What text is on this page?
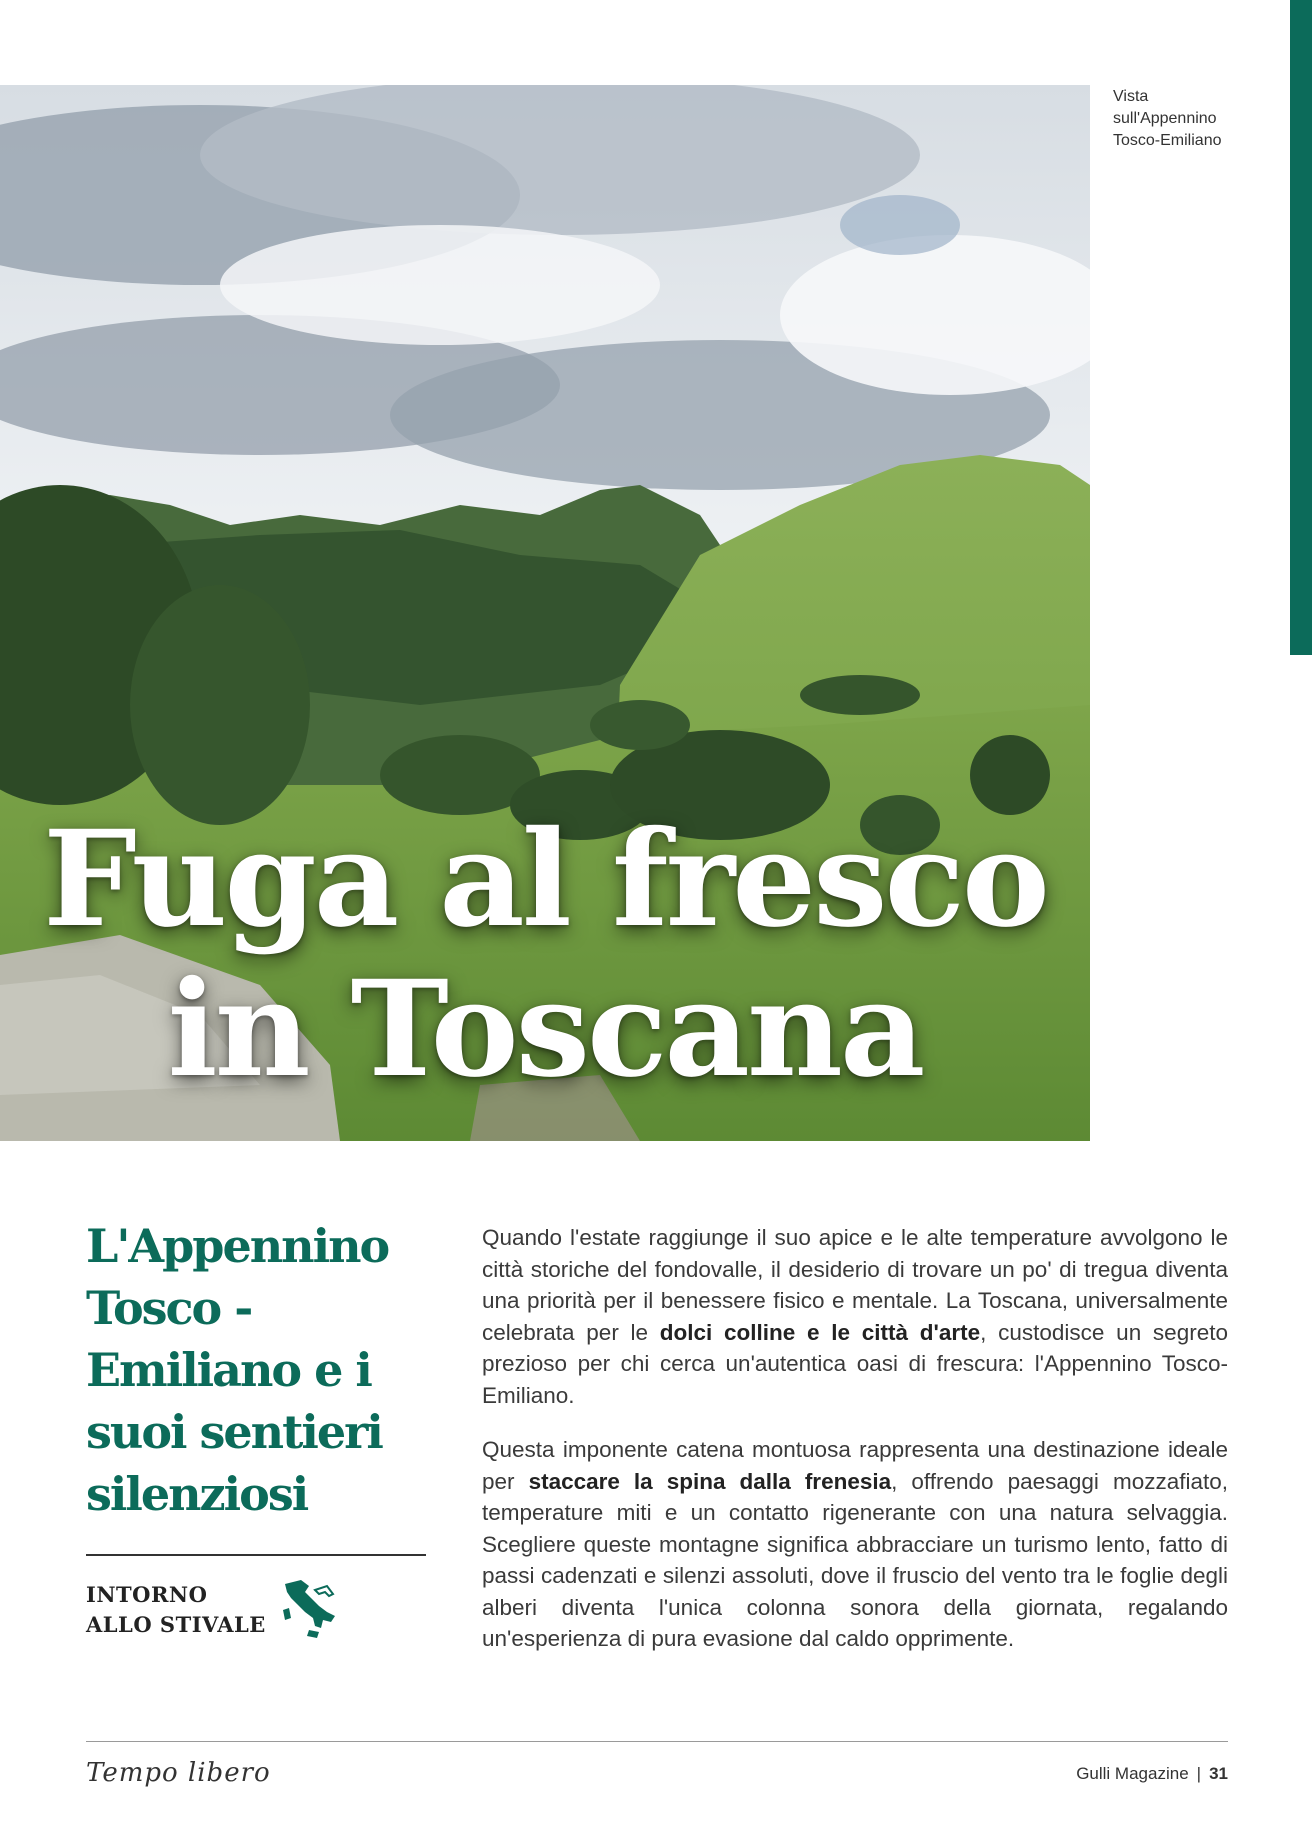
Vista
sull'Appennino
Tosco-Emiliano
Fuga al fresco
in Toscana
L'Appennino
Tosco -
Emiliano e i
suoi sentieri
silenziosi
INTORNO
ALLO STIVALE

Quando l'estate raggiunge il suo apice e le alte temperature avvolgono le città storiche del fondovalle, il desiderio di trovare un po' di tregua diventa una priorità per il benessere fisico e mentale. La Toscana, universalmente celebrata per le dolci colline e le città d'arte, custodisce un segreto prezioso per chi cerca un'autentica oasi di frescura: l'Appennino Tosco-Emiliano.

Questa imponente catena montuosa rappresenta una destinazione ideale per staccare la spina dalla frenesia, offrendo paesaggi mozzafiato, temperature miti e un contatto rigenerante con una natura selvaggia. Scegliere queste montagne significa abbracciare un turismo lento, fatto di passi cadenzati e silenzi assoluti, dove il fruscio del vento tra le foglie degli alberi diventa l'unica colonna sonora della giornata, regalando un'esperienza di pura evasione dal caldo opprimente.

Tempo libero	Gulli Magazine | 31
